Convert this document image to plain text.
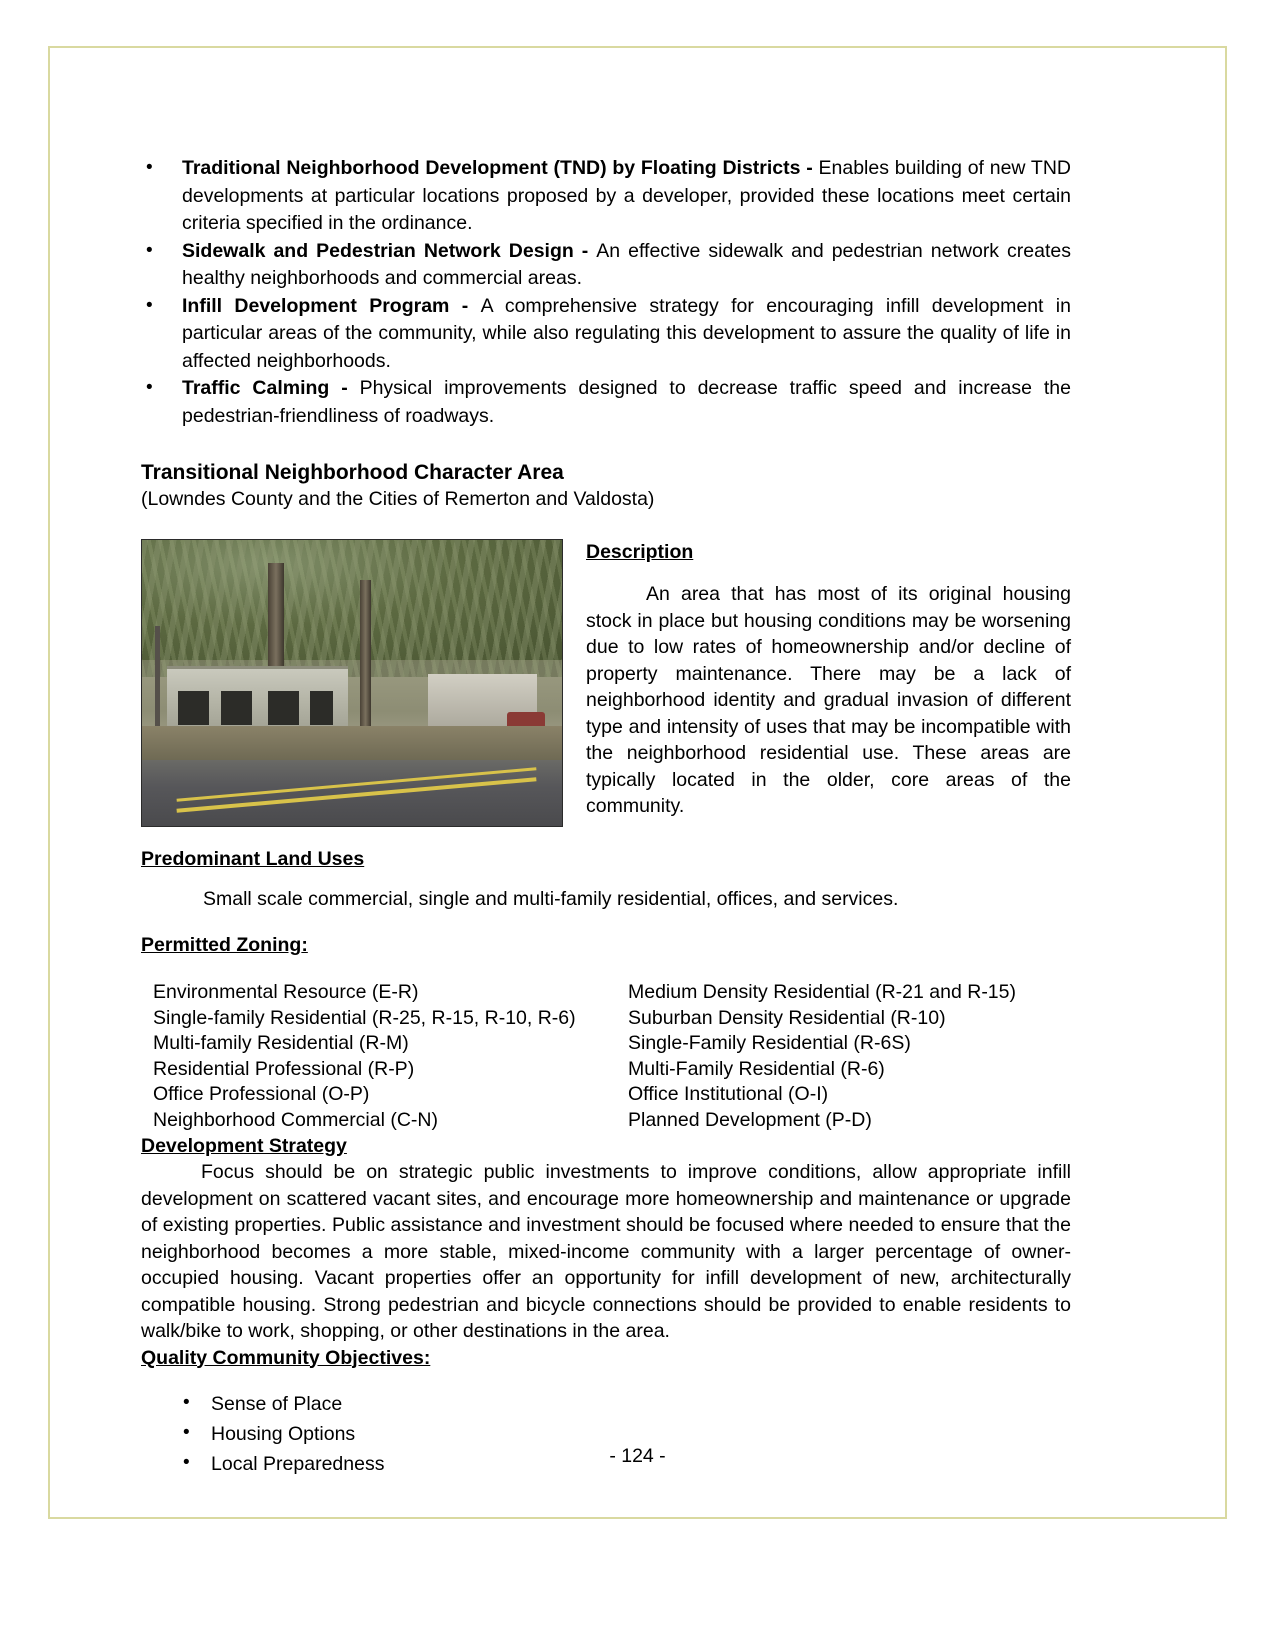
• Traditional Neighborhood Development (TND) by Floating Districts - Enables building of new TND developments at particular locations proposed by a developer, provided these locations meet certain criteria specified in the ordinance.
• Sidewalk and Pedestrian Network Design - An effective sidewalk and pedestrian network creates healthy neighborhoods and commercial areas.
• Infill Development Program - A comprehensive strategy for encouraging infill development in particular areas of the community, while also regulating this development to assure the quality of life in affected neighborhoods.
• Traffic Calming - Physical improvements designed to decrease traffic speed and increase the pedestrian-friendliness of roadways.
Transitional Neighborhood Character Area

(Lowndes County and the Cities of Remerton and Valdosta)

Description

An area that has most of its original housing stock in place but housing conditions may be worsening due to low rates of homeownership and/or decline of property maintenance. There may be a lack of neighborhood identity and gradual invasion of different type and intensity of uses that may be incompatible with the neighborhood residential use. These areas are typically located in the older, core areas of the community.

Predominant Land Uses

Small scale commercial, single and multi-family residential, offices, and services.

Permitted Zoning:
Environmental Resource (E-R)
Single-family Residential (R-25, R-15, R-10, R-6)
Multi-family Residential (R-M)
Residential Professional (R-P)
Office Professional (O-P)
Neighborhood Commercial (C-N)
Medium Density Residential (R-21 and R-15)
Suburban Density Residential (R-10)
Single-Family Residential (R-6S)
Multi-Family Residential (R-6)
Office Institutional (O-I)
Planned Development (P-D)
Development Strategy

Focus should be on strategic public investments to improve conditions, allow appropriate infill development on scattered vacant sites, and encourage more homeownership and maintenance or upgrade of existing properties. Public assistance and investment should be focused where needed to ensure that the neighborhood becomes a more stable, mixed-income community with a larger percentage of owner-occupied housing. Vacant properties offer an opportunity for infill development of new, architecturally compatible housing. Strong pedestrian and bicycle connections should be provided to enable residents to walk/bike to work, shopping, or other destinations in the area.

Quality Community Objectives:
• Sense of Place
• Housing Options
• Local Preparedness	- 124 -
